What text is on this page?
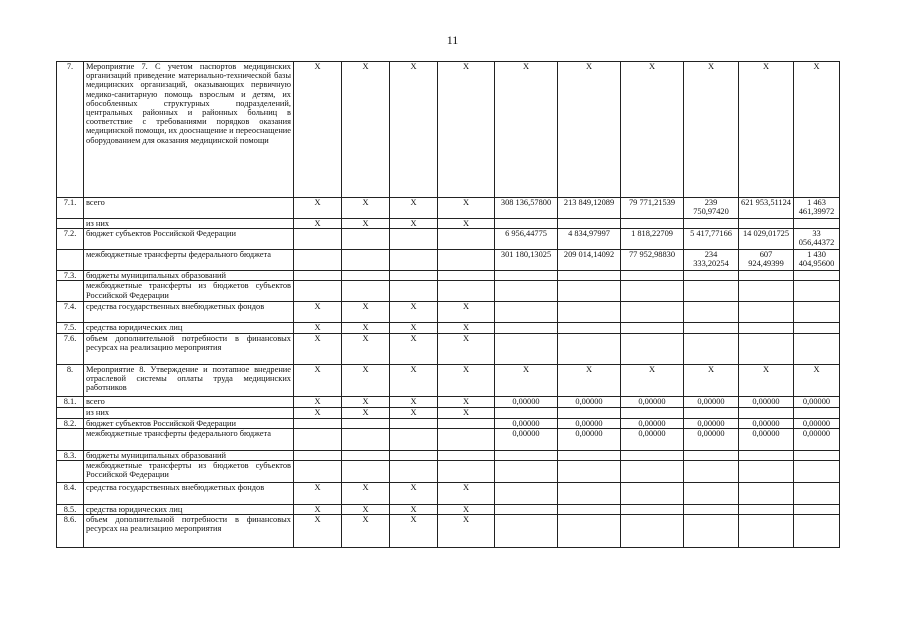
11
7.	Мероприятие 7. С учетом паспортов медицинских организаций приведение материально-технической базы медицинских организаций, оказывающих первичную медико-санитарную помощь взрослым и детям, их обособленных структурных подразделений, центральных районных и районных больниц в соответствие с требованиями порядков оказания медицинской помощи, их дооснащение и переоснащение оборудованием для оказания медицинской помощи	X	X	X	X	X	X	X	X	X	X
7.1.	всего	X	X	X	X	308 136,57800	213 849,12089	79 771,21539	239 750,97420	621 953,51124	1 463 461,39972
	из них	X	X	X	X						
7.2.	бюджет субъектов Российской Федерации					6 956,44775	4 834,97997	1 818,22709	5 417,77166	14 029,01725	33 056,44372
	межбюджетные трансферты федерального бюджета					301 180,13025	209 014,14092	77 952,98830	234 333,20254	607 924,49399	1 430 404,95600
7.3.	бюджеты муниципальных образований										
	межбюджетные трансферты из бюджетов субъектов Российской Федерации										
7.4.	средства государственных внебюджетных фондов	X	X	X	X						
7.5.	средства юридических лиц	X	X	X	X						
7.6.	объем дополнительной потребности в финансовых ресурсах на реализацию мероприятия	X	X	X	X						
8.	Мероприятие 8. Утверждение и поэтапное внедрение отраслевой системы оплаты труда медицинских работников	X	X	X	X	X	X	X	X	X	X
8.1.	всего	X	X	X	X	0,00000	0,00000	0,00000	0,00000	0,00000	0,00000
	из них	X	X	X	X						
8.2.	бюджет субъектов Российской Федерации					0,00000	0,00000	0,00000	0,00000	0,00000	0,00000
	межбюджетные трансферты федерального бюджета					0,00000	0,00000	0,00000	0,00000	0,00000	0,00000
8.3.	бюджеты муниципальных образований										
	межбюджетные трансферты из бюджетов субъектов Российской Федерации										
8.4.	средства государственных внебюджетных фондов	X	X	X	X						
8.5.	средства юридических лиц	X	X	X	X						
8.6.	объем дополнительной потребности в финансовых ресурсах на реализацию мероприятия	X	X	X	X						
